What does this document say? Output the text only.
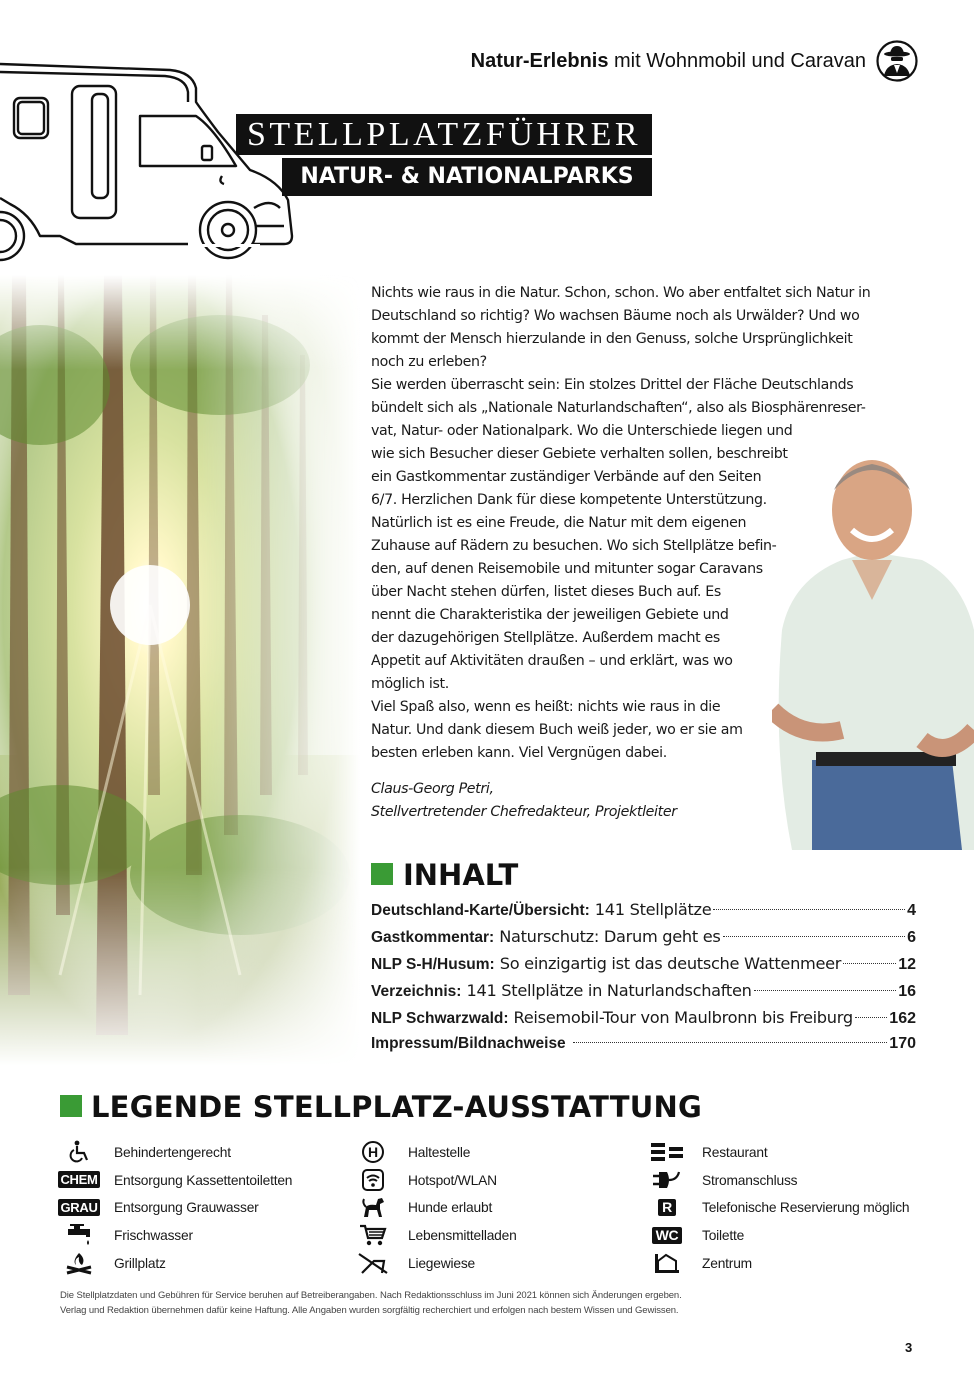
Natur-Erlebnis mit Wohnmobil und Caravan
STELLPLATZFÜHRER
NATUR- & NATIONALPARKS

Nichts wie raus in die Natur. Schon, schon. Wo aber entfaltet sich Natur in

Deutschland so richtig? Wo wachsen Bäume noch als Urwälder? Und wo

kommt der Mensch hierzulande in den Genuss, solche Ursprünglichkeit

noch zu erleben?

Sie werden überrascht sein: Ein stolzes Drittel der Fläche Deutschlands

bündelt sich als „Nationale Naturlandschaften“, also als Biosphärenreser-

vat, Natur- oder Nationalpark. Wo die Unterschiede liegen und

wie sich Besucher dieser Gebiete verhalten sollen, beschreibt

ein Gastkommentar zuständiger Verbände auf den Seiten

6/7. Herzlichen Dank für diese kompetente Unterstützung.

Natürlich ist es eine Freude, die Natur mit dem eigenen

Zuhause auf Rädern zu besuchen. Wo sich Stellplätze befin-

den, auf denen Reisemobile und mitunter sogar Caravans

über Nacht stehen dürfen, listet dieses Buch auf. Es

nennt die Charakteristika der jeweiligen Gebiete und

der dazugehörigen Stellplätze. Außerdem macht es

Appetit auf Aktivitäten draußen – und erklärt, was wo

möglich ist.

Viel Spaß also, wenn es heißt: nichts wie raus in die

Natur. Und dank diesem Buch weiß jeder, wo er sie am

besten erleben kann. Viel Vergnügen dabei.

Claus-Georg Petri,

Stellvertretender Chefredakteur, Projektleiter

INHALT
Deutschland-Karte/Übersicht: 141 Stellplätze	4
Gastkommentar: Naturschutz: Darum geht es	6
NLP S-H/Husum: So einzigartig ist das deutsche Wattenmeer	12
Verzeichnis: 141 Stellplätze in Naturlandschaften	16
NLP Schwarzwald: Reisemobil-Tour von Maulbronn bis Freiburg 162
Impressum/Bildnachweise	170
LEGENDE STELLPLATZ-AUSSTATTUNG
Behindertengerecht
CHEM Entsorgung Kassettentoiletten
GRAU Entsorgung Grauwasser
Frischwasser
Grillplatz
H Haltestelle
Hotspot/WLAN
Hunde erlaubt
Lebensmittelladen
Liegewiese
Restaurant
Stromanschluss
R Telefonische Reservierung möglich
WC Toilette
Zentrum

Die Stellplatzdaten und Gebühren für Service beruhen auf Betreiberangaben. Nach Redaktionsschluss im Juni 2021 können sich Änderungen ergeben.

Verlag und Redaktion übernehmen dafür keine Haftung. Alle Angaben wurden sorgfältig recherchiert und erfolgen nach bestem Wissen und Gewissen.

3
